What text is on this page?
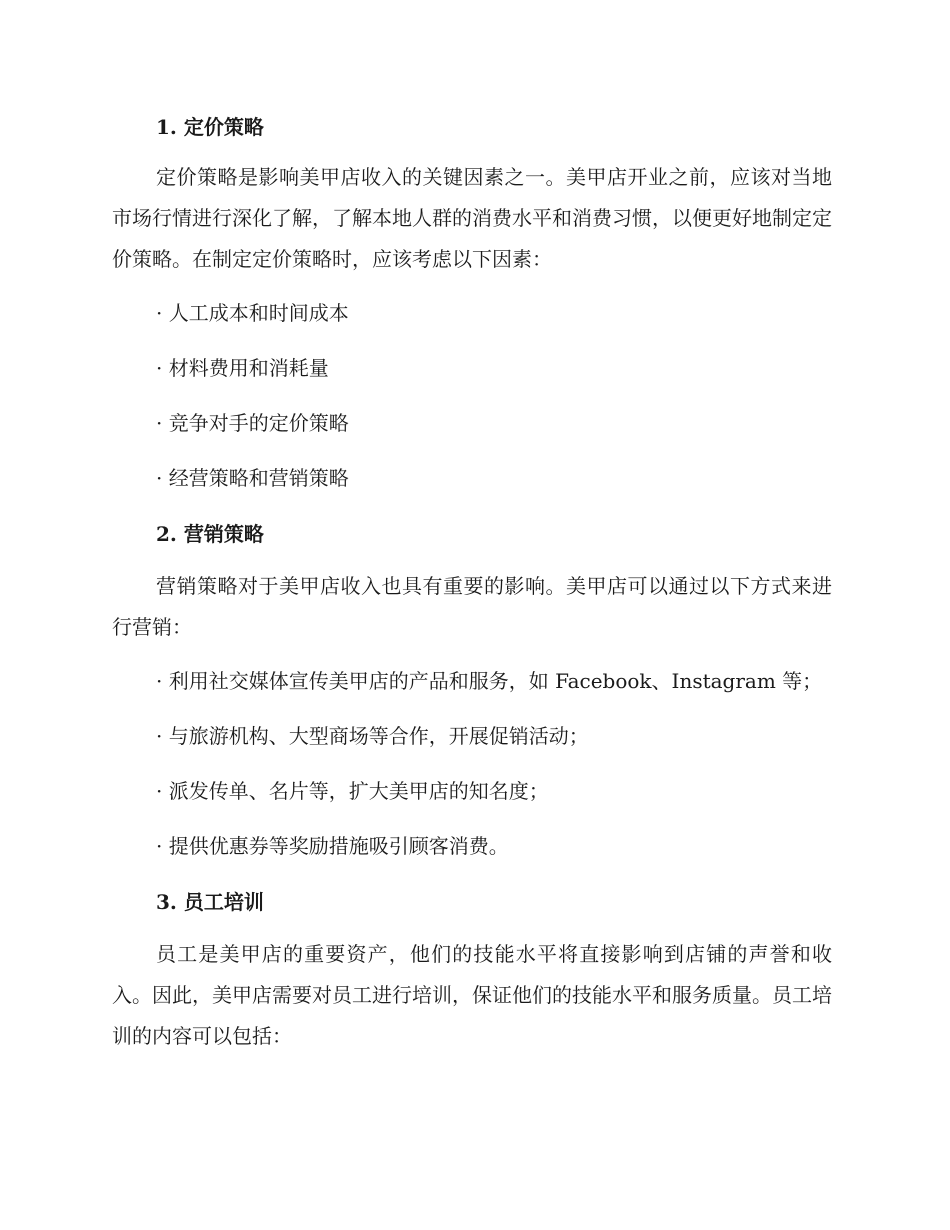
1. 定价策略

定价策略是影响美甲店收入的关键因素之一。美甲店开业之前，应该对当地市场行情进行深化了解，了解本地人群的消费水平和消费习惯，以便更好地制定定价策略。在制定定价策略时，应该考虑以下因素：

· 人工成本和时间成本
· 材料费用和消耗量
· 竞争对手的定价策略
· 经营策略和营销策略
2. 营销策略

营销策略对于美甲店收入也具有重要的影响。美甲店可以通过以下方式来进行营销：

· 利用社交媒体宣传美甲店的产品和服务，如 Facebook、Instagram 等；
· 与旅游机构、大型商场等合作，开展促销活动；
· 派发传单、名片等，扩大美甲店的知名度；
· 提供优惠券等奖励措施吸引顾客消费。
3. 员工培训

员工是美甲店的重要资产，他们的技能水平将直接影响到店铺的声誉和收入。因此，美甲店需要对员工进行培训，保证他们的技能水平和服务质量。员工培训的内容可以包括：
